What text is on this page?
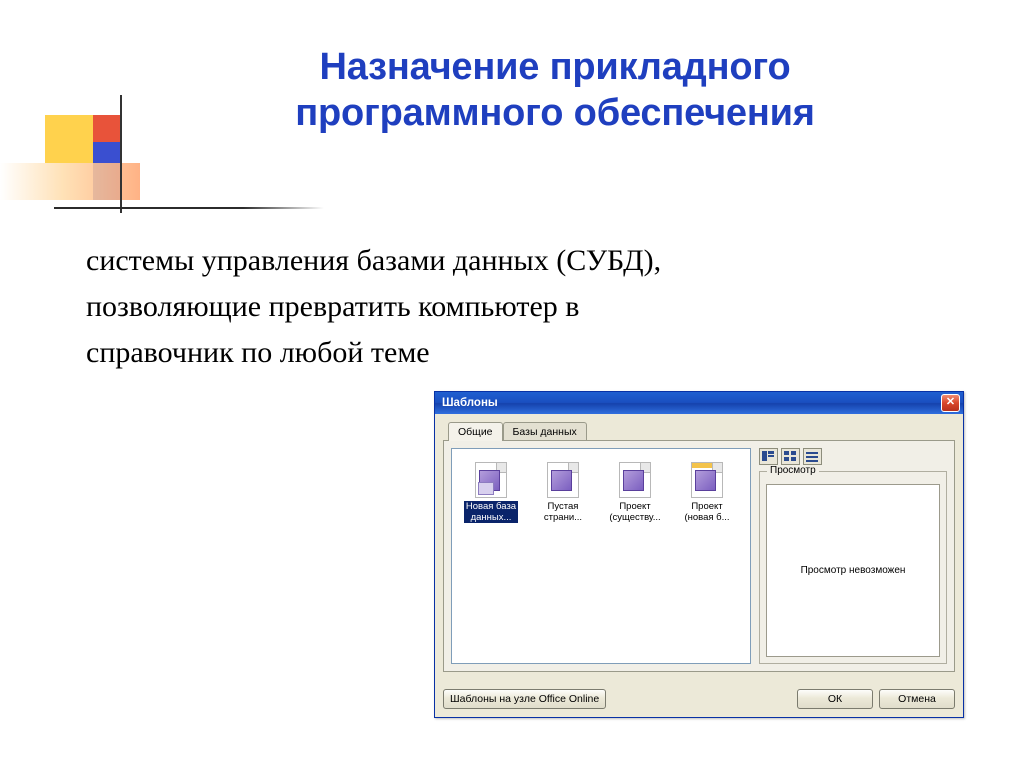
Назначение прикладного
программного обеспечения
системы управления базами данных (СУБД),
позволяющие превратить компьютер в
справочник по любой теме
Шаблоны	✕
Общие	Базы данных
Новая база
данных...
Пустая
страни...
Проект
(существу...
Проект
(новая б...
Просмотр
Просмотр невозможен
Шаблоны на узле Office Online	ОК	Отмена
